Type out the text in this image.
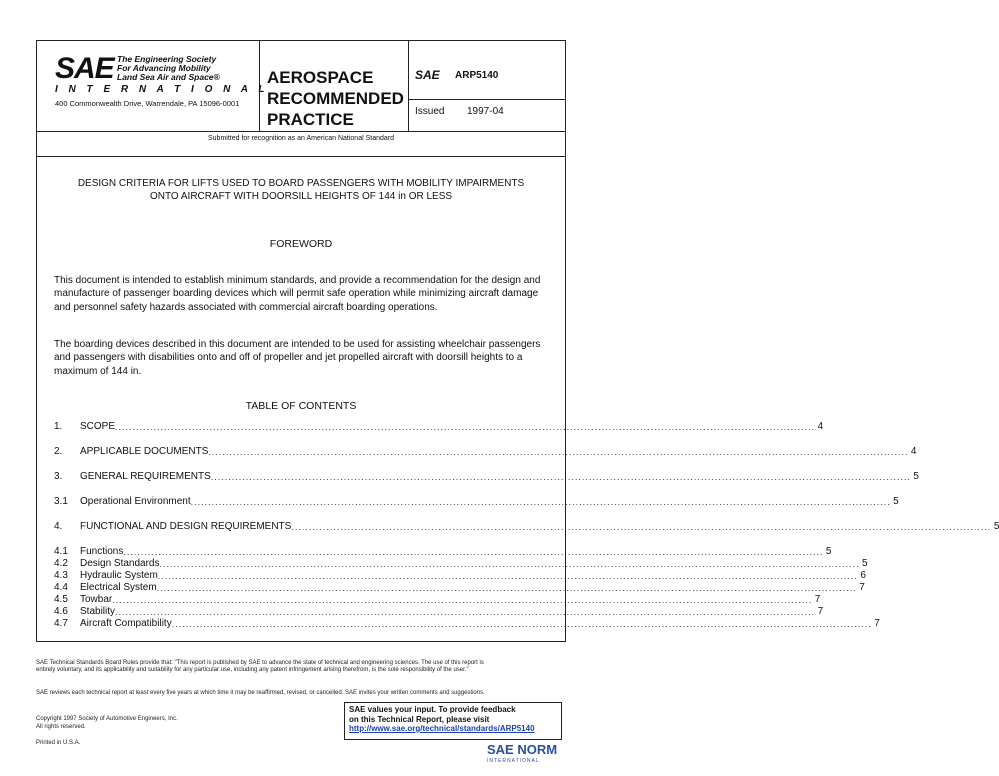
SAE The Engineering Society
For Advancing Mobility
Land Sea Air and Space®
I N T E R N A T I O N A L
400 Commonwealth Drive, Warrendale, PA 15096-0001
AEROSPACE
RECOMMENDED
PRACTICE
SAE ARP5140
Issued 1997-04
Submitted for recognition as an American National Standard
DESIGN CRITERIA FOR LIFTS USED TO BOARD PASSENGERS WITH MOBILITY IMPAIRMENTS ONTO AIRCRAFT WITH DOORSILL HEIGHTS OF 144 in OR LESS
FOREWORD
This document is intended to establish minimum standards, and provide a recommendation for the design and manufacture of passenger boarding devices which will permit safe operation while minimizing aircraft damage and personnel safety hazards associated with commercial aircraft boarding operations.
The boarding devices described in this document are intended to be used for assisting wheelchair passengers and passengers with disabilities onto and off of propeller and jet propelled aircraft with doorsill heights to a maximum of 144 in.
TABLE OF CONTENTS
1.	SCOPE ........................................................................................................................................................................................................ 4
2.	APPLICABLE DOCUMENTS ........................................................................................................................................................................................................ 4
3.	GENERAL REQUIREMENTS ........................................................................................................................................................................................................ 5
3.1	Operational Environment ........................................................................................................................................................................................................ 5
4.	FUNCTIONAL AND DESIGN REQUIREMENTS ........................................................................................................................................................................................................ 5
4.1	Functions ........................................................................................................................................................................................................ 5
4.2	Design Standards ........................................................................................................................................................................................................ 5
4.3	Hydraulic System ........................................................................................................................................................................................................ 6
4.4	Electrical System ........................................................................................................................................................................................................ 7
4.5	Towbar ........................................................................................................................................................................................................ 7
4.6	Stability ........................................................................................................................................................................................................ 7
4.7	Aircraft Compatibility ........................................................................................................................................................................................................ 7
SAE Technical Standards Board Rules provide that: "This report is published by SAE to advance the state of technical and engineering sciences. The use of this report is entirely voluntary, and its applicability and suitability for any particular use, including any patent infringement arising therefrom, is the sole responsibility of the user."
SAE reviews each technical report at least every five years at which time it may be reaffirmed, revised, or cancelled. SAE invites your written comments and suggestions.
Copyright 1997 Society of Automotive Engineers, Inc.
All rights reserved.
Printed in U.S.A.
SAE values your input. To provide feedback
on this Technical Report, please visit
http://www.sae.org/technical/standards/ARP5140
SAE NORM
INTERNATIONAL
